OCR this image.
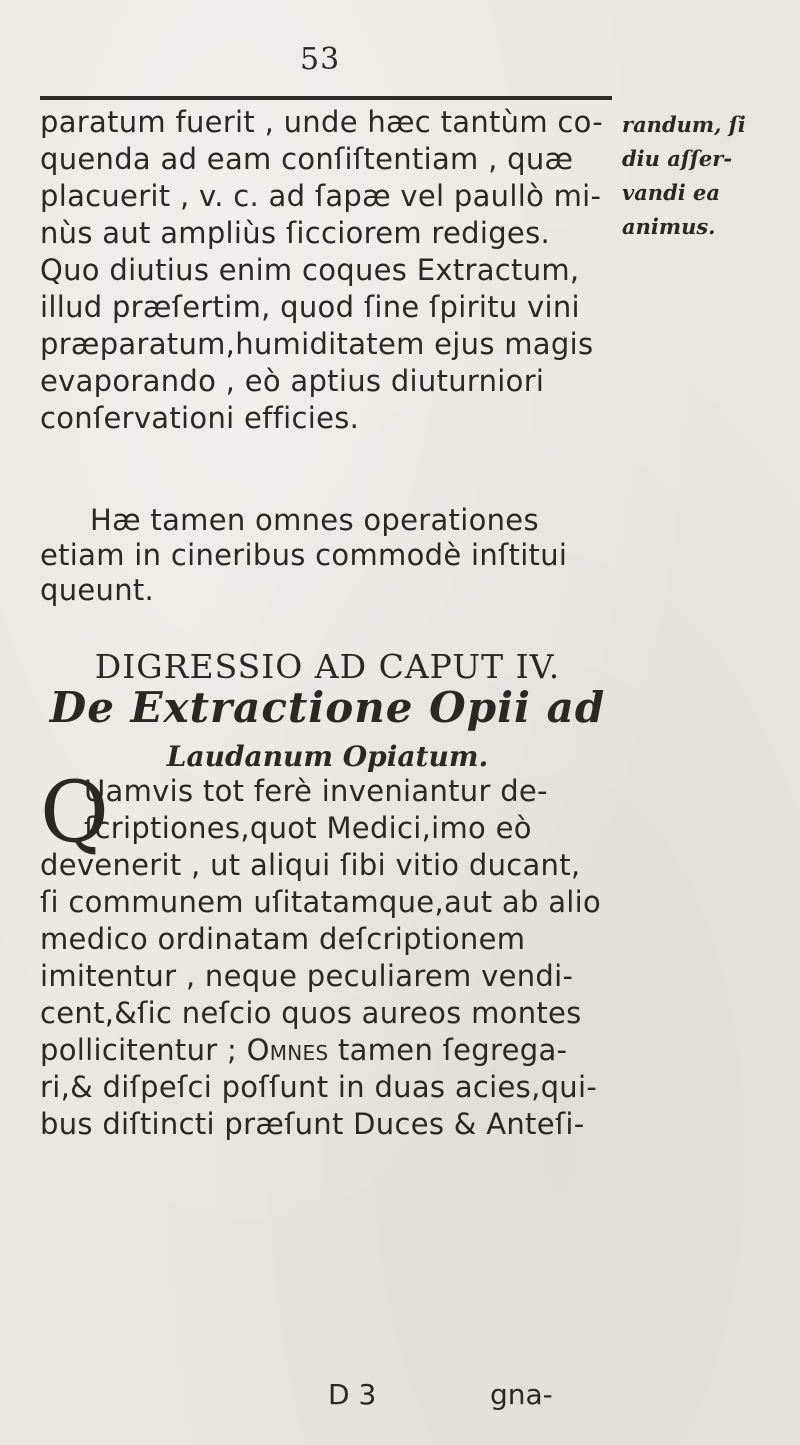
53
randum, ſi
diu aſſer-
vandi ea
animus.
paratum fuerit , unde hæc tantùm co-
quenda ad eam conſiſtentiam , quæ
placuerit , v. c. ad ſapæ vel paullò mi-
nùs aut ampliùs ſicciorem rediges.
Quo diutius enim coques Extractum,
illud præſertim, quod ſine ſpiritu vini
præparatum,humiditatem ejus magis
evaporando , eò aptius diuturniori
conſervationi efficies.
Hæ tamen omnes operationes
etiam in cineribus commodè inſtitui
queunt.
DIGRESSIO AD CAPUT IV.
De Extractione Opii ad
Laudanum Opiatum.
Q
Uamvis tot ferè inveniantur de-
ſcriptiones,quot Medici,imo eò
devenerit , ut aliqui ſibi vitio ducant,
ſi communem uſitatamque,aut ab alio
medico ordinatam deſcriptionem
imitentur , neque peculiarem vendi-
cent,&ſic neſcio quos aureos montes
pollicitentur ; Omnes tamen ſegrega-
ri,& diſpeſci poſſunt in duas acies,qui-
bus diſtincti præſunt Duces & Anteſi-
D 3	gna-
